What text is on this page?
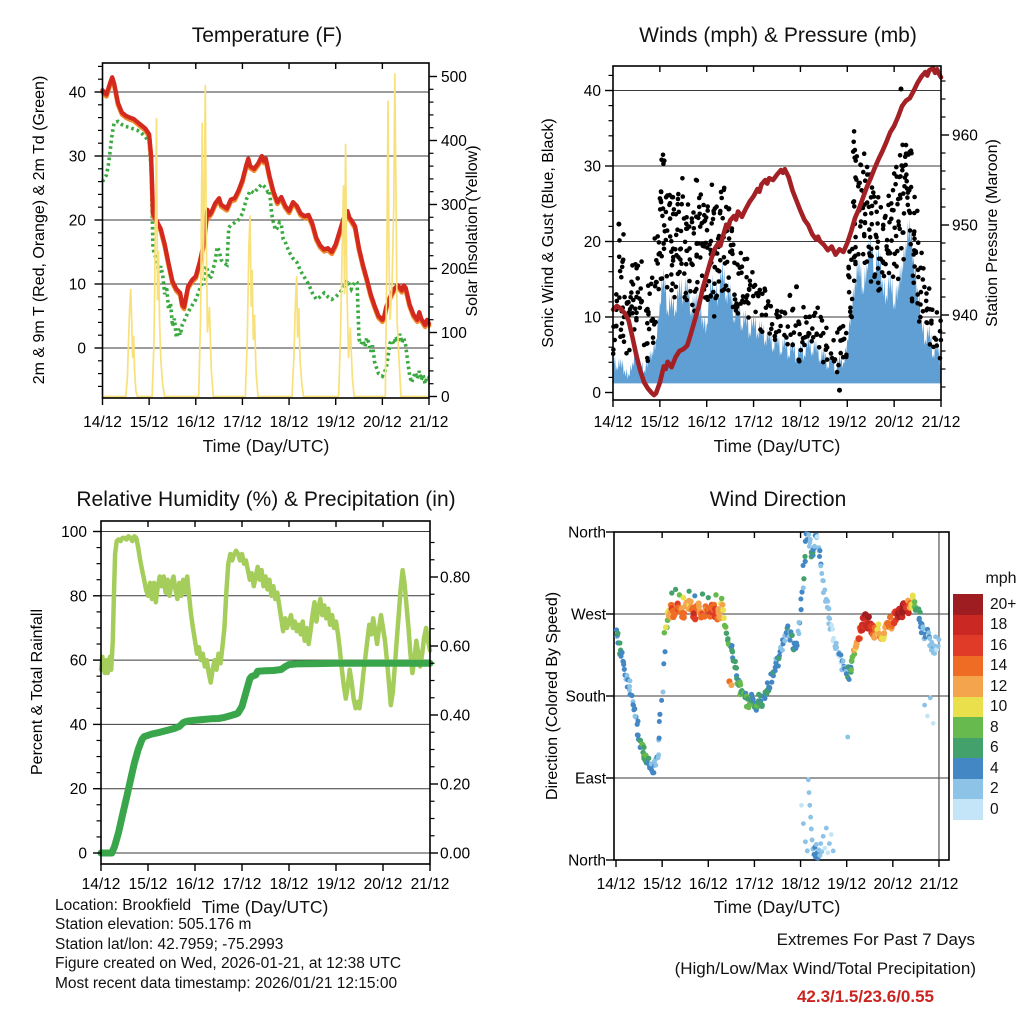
Temperature (F)	Winds (mph) & Pressure (mb)
Relative Humidity (%) & Precipitation (in)	Wind Direction
Time (Day/UTC)	Time (Day/UTC)
Time (Day/UTC)	Time (Day/UTC)
14/12 15/12 16/12 17/12 18/12 19/12 20/12 21/12
0
10
20
30
40
0
100
200
300
400
500
14/12 15/12 16/12 17/12 18/12 19/12 20/12 21/12
0
10
20
30
40
940
950
960
14/12 15/12 16/12 17/12 18/12 19/12 20/12 21/12
0
20
40
60
80
100
0.00
0.20
0.40
0.60
0.80
14/12 15/12 16/12 17/12 18/12 19/12 20/12 21/12
North
West
South
East
North
2m & 9m T (Red, Orange) & 2m Td (Green)	Solar Insolation (Yellow)	Sonic Wind & Gust (Blue, Black)	Station Pressure (Maroon)
Percent & Total Rainfall	Direction (Colored By Speed)
mph
20+
18
16
14
12
10
8
6
4
2
0
Location: Brookfield
Station elevation: 505.176 m
Station lat/lon: 42.7959; -75.2993
Figure created on Wed, 2026-01-21, at 12:38 UTC
Most recent data timestamp: 2026/01/21 12:15:00
Extremes For Past 7 Days
(High/Low/Max Wind/Total Precipitation)
42.3/1.5/23.6/0.55
